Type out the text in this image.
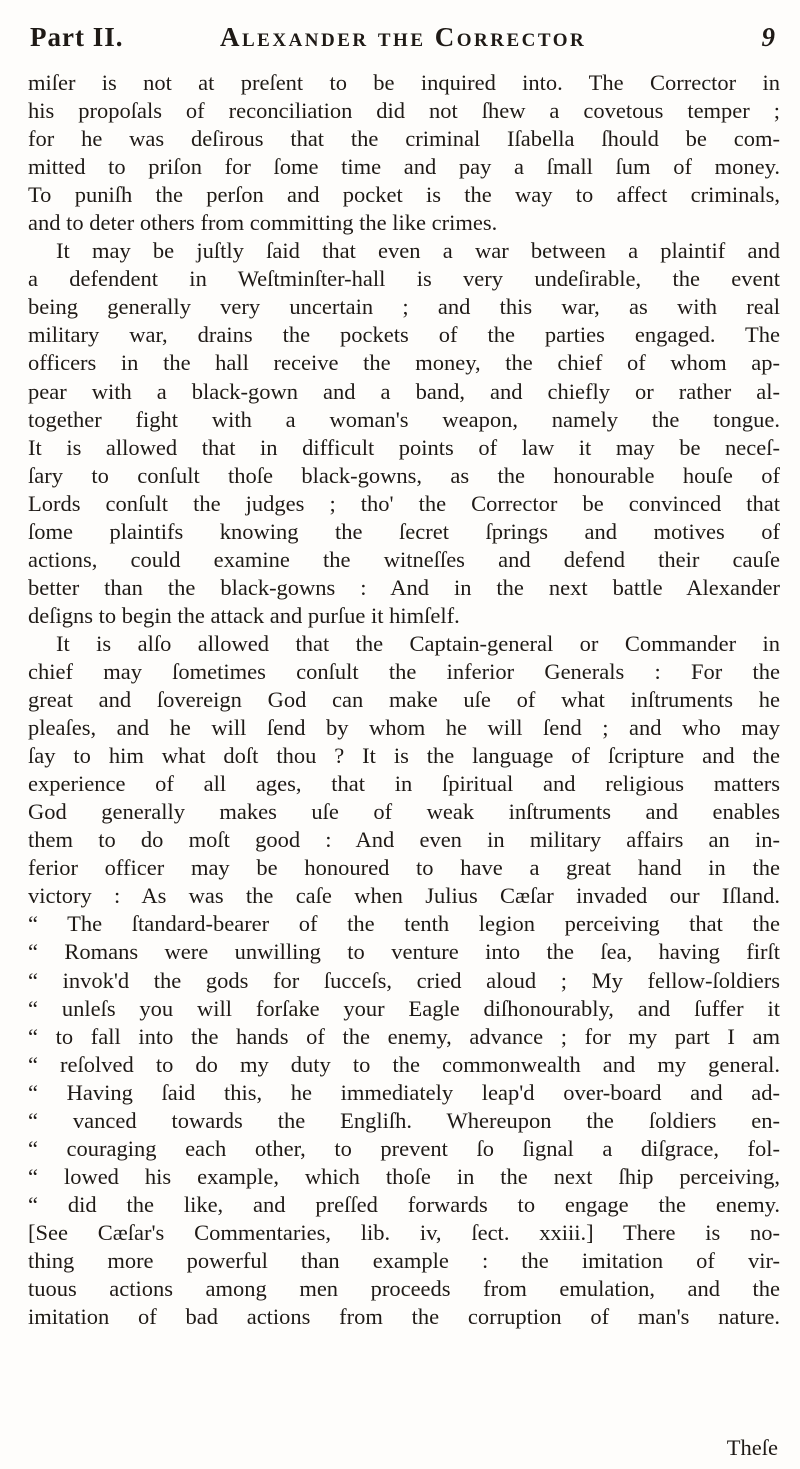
Part II.	Alexander the Corrector	9
miſer is not at preſent to be inquired into. The Corrector in
his propoſals of reconciliation did not ſhew a covetous temper ;
for he was deſirous that the criminal Iſabella ſhould be com-
mitted to priſon for ſome time and pay a ſmall ſum of money.
To puniſh the perſon and pocket is the way to affect criminals,
and to deter others from committing the like crimes.
It may be juſtly ſaid that even a war between a plaintif and
a defendent in Weſtminſter-hall is very undeſirable, the event
being generally very uncertain ; and this war, as with real
military war, drains the pockets of the parties engaged. The
officers in the hall receive the money, the chief of whom ap-
pear with a black-gown and a band, and chiefly or rather al-
together fight with a woman's weapon, namely the tongue.
It is allowed that in difficult points of law it may be neceſ-
ſary to conſult thoſe black-gowns, as the honourable houſe of
Lords conſult the judges ; tho' the Corrector be convinced that
ſome plaintifs knowing the ſecret ſprings and motives of
actions, could examine the witneſſes and defend their cauſe
better than the black-gowns : And in the next battle Alexander
deſigns to begin the attack and purſue it himſelf.
It is alſo allowed that the Captain-general or Commander in
chief may ſometimes conſult the inferior Generals : For the
great and ſovereign God can make uſe of what inſtruments he
pleaſes, and he will ſend by whom he will ſend ; and who may
ſay to him what doſt thou ? It is the language of ſcripture and the
experience of all ages, that in ſpiritual and religious matters
God generally makes uſe of weak inſtruments and enables
them to do moſt good : And even in military affairs an in-
ferior officer may be honoured to have a great hand in the
victory : As was the caſe when Julius Cæſar invaded our Iſland.
“ The ſtandard-bearer of the tenth legion perceiving that the
“ Romans were unwilling to venture into the ſea, having firſt
“ invok'd the gods for ſucceſs, cried aloud ; My fellow-ſoldiers
“ unleſs you will forſake your Eagle diſhonourably, and ſuffer it
“ to fall into the hands of the enemy, advance ; for my part I am
“ reſolved to do my duty to the commonwealth and my general.
“ Having ſaid this, he immediately leap'd over-board and ad-
“ vanced towards the Engliſh. Whereupon the ſoldiers en-
“ couraging each other, to prevent ſo ſignal a diſgrace, fol-
“ lowed his example, which thoſe in the next ſhip perceiving,
“ did the like, and preſſed forwards to engage the enemy.
[See Cæſar's Commentaries, lib. iv, ſect. xxiii.] There is no-
thing more powerful than example : the imitation of vir-
tuous actions among men proceeds from emulation, and the
imitation of bad actions from the corruption of man's nature.
Theſe
